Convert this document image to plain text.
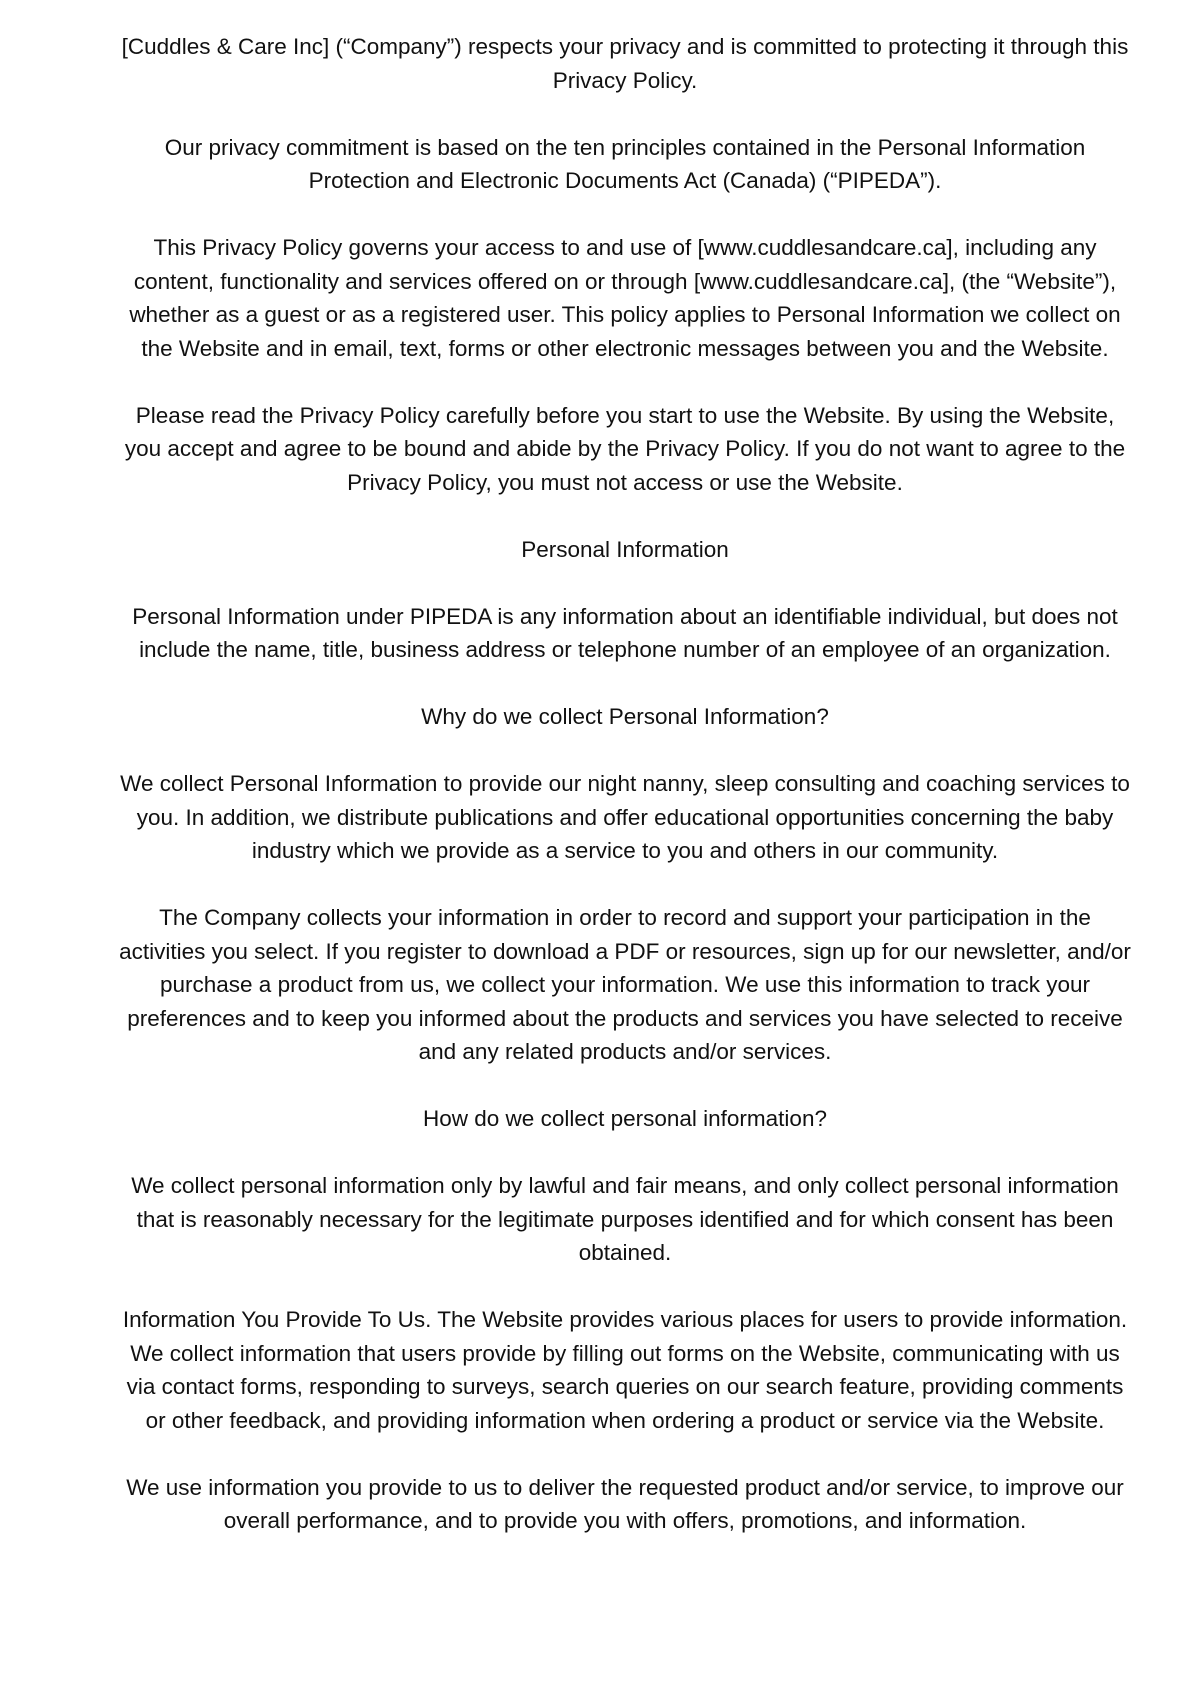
[Cuddles & Care Inc] (“Company”) respects your privacy and is committed to protecting it through this Privacy Policy.

Our privacy commitment is based on the ten principles contained in the Personal Information Protection and Electronic Documents Act (Canada) (“PIPEDA”).

This Privacy Policy governs your access to and use of [www.cuddlesandcare.ca], including any content, functionality and services offered on or through [www.cuddlesandcare.ca], (the “Website”), whether as a guest or as a registered user. This policy applies to Personal Information we collect on the Website and in email, text, forms or other electronic messages between you and the Website.

Please read the Privacy Policy carefully before you start to use the Website. By using the Website, you accept and agree to be bound and abide by the Privacy Policy. If you do not want to agree to the Privacy Policy, you must not access or use the Website.

Personal Information

Personal Information under PIPEDA is any information about an identifiable individual, but does not include the name, title, business address or telephone number of an employee of an organization.

Why do we collect Personal Information?

We collect Personal Information to provide our night nanny, sleep consulting and coaching services to you. In addition, we distribute publications and offer educational opportunities concerning the baby industry which we provide as a service to you and others in our community.

The Company collects your information in order to record and support your participation in the activities you select. If you register to download a PDF or resources, sign up for our newsletter, and/or purchase a product from us, we collect your information. We use this information to track your preferences and to keep you informed about the products and services you have selected to receive and any related products and/or services.

How do we collect personal information?

We collect personal information only by lawful and fair means, and only collect personal information that is reasonably necessary for the legitimate purposes identified and for which consent has been obtained.

Information You Provide To Us. The Website provides various places for users to provide information. We collect information that users provide by filling out forms on the Website, communicating with us via contact forms, responding to surveys, search queries on our search feature, providing comments or other feedback, and providing information when ordering a product or service via the Website.

We use information you provide to us to deliver the requested product and/or service, to improve our overall performance, and to provide you with offers, promotions, and information.
